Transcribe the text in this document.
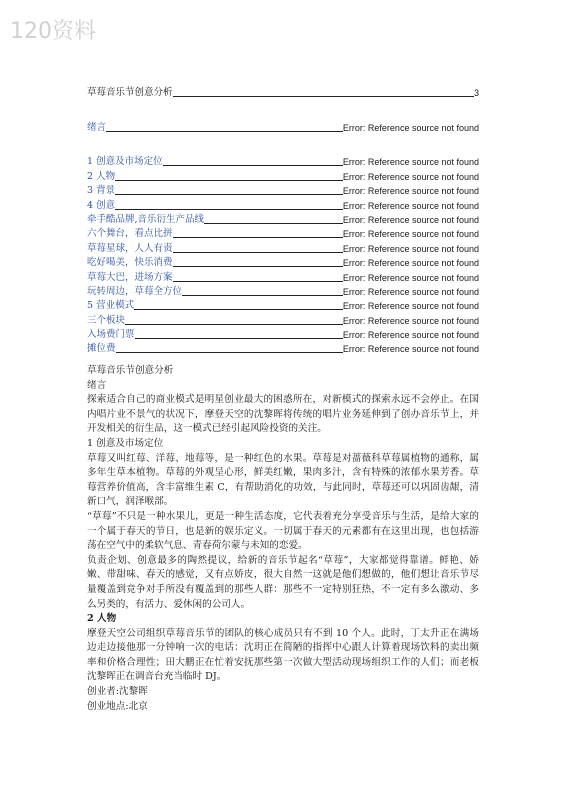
120资料
草莓音乐节创意分析	3
绪言	Error: Reference source not found
1 创意及市场定位	Error: Reference source not found
2 人物	Error: Reference source not found
3 背景	Error: Reference source not found
4 创意	Error: Reference source not found
牵手酷品牌,音乐衍生产品线	Error: Reference source not found
六个舞台，看点比拼	Error: Reference source not found
草莓星球，人人有责	Error: Reference source not found
吃好喝美，快乐消费	Error: Reference source not found
草莓大巴，进场方案	Error: Reference source not found
玩转周边，草莓全方位	Error: Reference source not found
5 营业模式	Error: Reference source not found
三个板块	Error: Reference source not found
入场费门票	Error: Reference source not found
摊位费	Error: Reference source not found
草莓音乐节创意分析
绪言

探索适合自己的商业模式是明星创业最大的困惑所在，对新模式的探索永远不会停止。在国内唱片业不景气的状况下，摩登天空的沈黎晖将传统的唱片业务延伸到了创办音乐节上，并开发相关的衍生品，这一模式已经引起风险投资的关注。

1 创意及市场定位

草莓又叫红莓、洋莓、地莓等，是一种红色的水果。草莓是对蔷薇科草莓属植物的通称，属多年生草本植物。草莓的外观呈心形，鲜美红嫩，果肉多汁，含有特殊的浓郁水果芳香。草莓营养价值高，含丰富维生素 C，有帮助消化的功效，与此同时，草莓还可以巩固齿龈，清新口气，润泽喉部。

“草莓”不只是一种水果儿，更是一种生活态度，它代表着充分享受音乐与生活，是给大家的一个属于春天的节日，也是新的娱乐定义。一切属于春天的元素都有在这里出现，也包括游荡在空气中的柔软气息、青春荷尔蒙与未知的恋爱。

负责企划、创意最多的陶然提议，给新的音乐节起名“草莓”，大家都觉得靠谱。鲜艳、娇嫩、带甜味、春天的感觉，又有点娇皮，很大自然一这就是他们想做的，他们想让音乐节尽量覆盖到竞争对手所没有覆盖到的那些人群：那些不一定特别狂热，不一定有多么激动、多么另类的，有活力、爱休闲的公司人。

2 人物

摩登天空公司组织草莓音乐节的团队的核心成员只有不到 10 个人。此时，丁太升正在满场边走边接他那一分钟响一次的电话：沈玥正在简陋的指挥中心跟人计算着现场饮料的卖出频率和价格合理性；田大鹏正在忙着安抚那些第一次做大型活动现场组织工作的人们；而老板沈黎晖正在调音台充当临时 DJ。

创业者:沈黎晖
创业地点:北京
